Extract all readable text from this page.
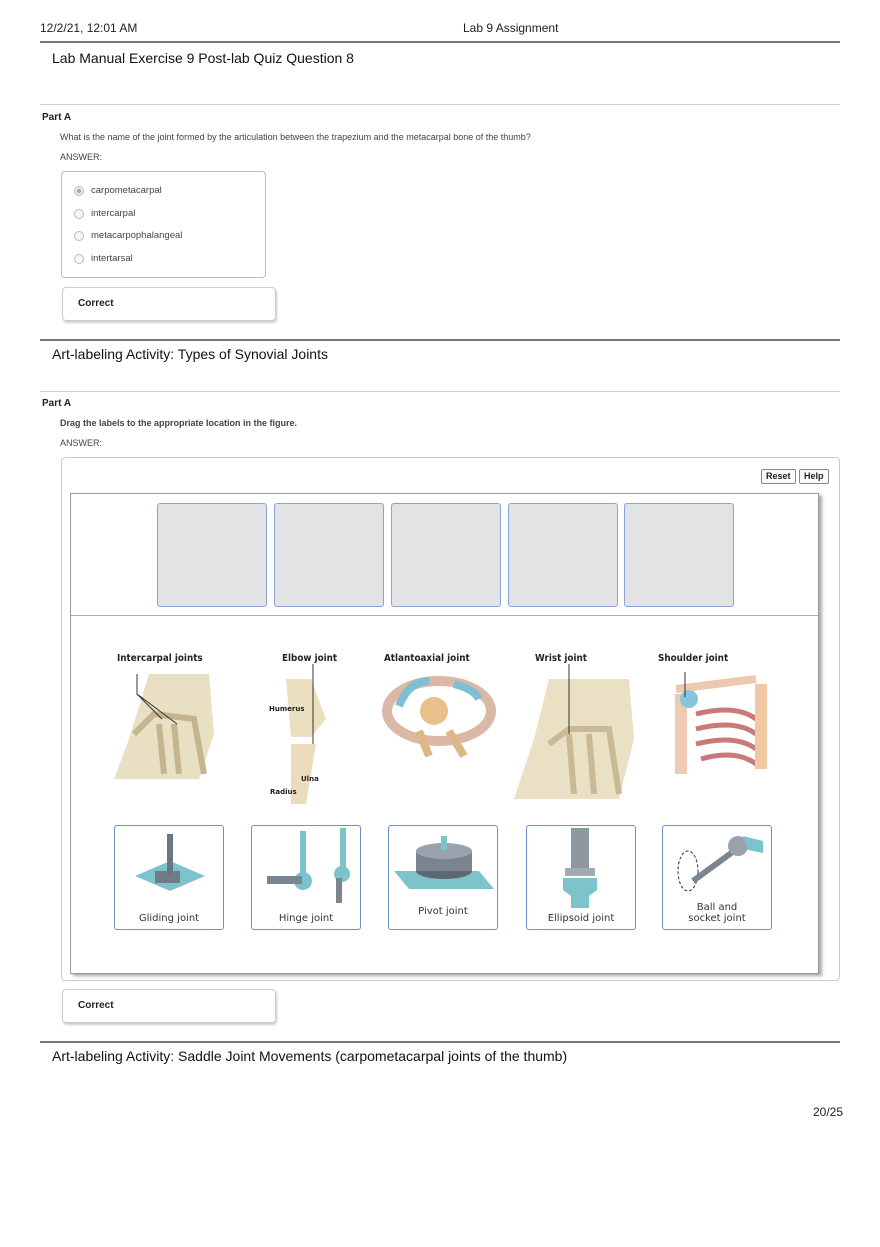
12/2/21, 12:01 AM	Lab 9 Assignment
Lab Manual Exercise 9 Post-lab Quiz Question 8
Part A
What is the name of the joint formed by the articulation between the trapezium and the metacarpal bone of the thumb?
ANSWER:
carpometacarpal
intercarpal
metacarpophalangeal
intertarsal
Correct
Art-labeling Activity: Types of Synovial Joints
Part A
Drag the labels to the appropriate location in the figure.
ANSWER:
Reset	Help
Intercarpal joints	Elbow joint	Atlantoaxial joint	Wrist joint	Shoulder joint
Humerus
Ulna
Radius
Gliding joint	Hinge joint
Pivot joint
Ellipsoid joint
Ball and socket joint
Correct
Art-labeling Activity: Saddle Joint Movements (carpometacarpal joints of the thumb)
20/25
